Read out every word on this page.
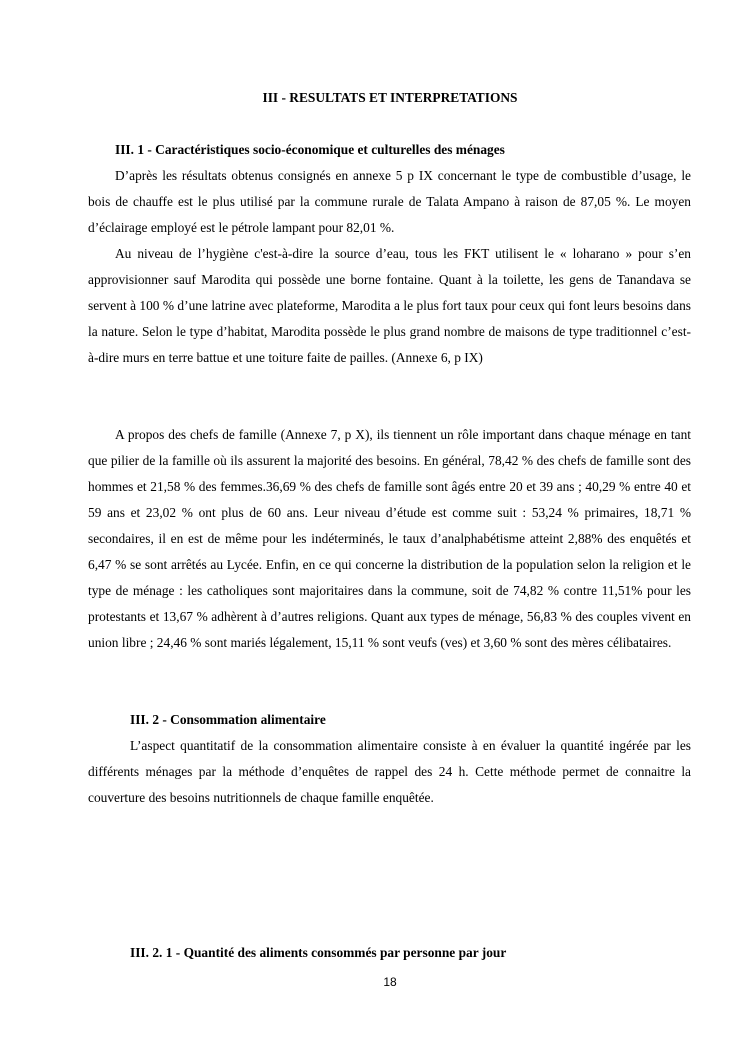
III - RESULTATS ET INTERPRETATIONS
III. 1 - Caractéristiques socio-économique et culturelles des ménages

D’après les résultats obtenus consignés en annexe 5 p IX concernant le type de combustible d’usage, le bois de chauffe est le plus utilisé par la commune rurale de Talata Ampano à raison de 87,05 %. Le moyen d’éclairage employé est le pétrole lampant pour 82,01 %.

Au niveau de l’hygiène c'est-à-dire la source d’eau, tous les FKT utilisent le « loharano » pour s’en approvisionner sauf Marodita qui possède une borne fontaine. Quant à la toilette, les gens de Tanandava se servent à 100 % d’une latrine avec plateforme, Marodita a le plus fort taux pour ceux qui font leurs besoins dans la nature. Selon le type d’habitat, Marodita possède le plus grand nombre de maisons de type traditionnel c’est-à-dire murs en terre battue et une toiture faite de pailles. (Annexe 6, p IX)

A propos des chefs de famille (Annexe 7, p X), ils tiennent un rôle important dans chaque ménage en tant que pilier de la famille où ils assurent la majorité des besoins. En général, 78,42 % des chefs de famille sont des hommes et 21,58 % des femmes.36,69 % des chefs de famille sont âgés entre 20 et 39 ans ; 40,29 % entre 40 et 59 ans et 23,02 % ont plus de 60 ans. Leur niveau d’étude est comme suit : 53,24 % primaires, 18,71 % secondaires, il en est de même pour les indéterminés, le taux d’analphabétisme atteint 2,88% des enquêtés et 6,47 % se sont arrêtés au Lycée. Enfin, en ce qui concerne la distribution de la population selon la religion et le type de ménage : les catholiques sont majoritaires dans la commune, soit de 74,82 % contre 11,51% pour les protestants et 13,67 % adhèrent à d’autres religions. Quant aux types de ménage, 56,83 % des couples vivent en union libre ; 24,46 % sont mariés légalement, 15,11 % sont veufs (ves) et 3,60 % sont des mères célibataires.

III. 2 - Consommation alimentaire

L’aspect quantitatif de la consommation alimentaire consiste à en évaluer la quantité ingérée par les différents ménages par la méthode d’enquêtes de rappel des 24 h. Cette méthode permet de connaitre la couverture des besoins nutritionnels de chaque famille enquêtée.

III. 2. 1 - Quantité des aliments consommés par personne par jour
18
